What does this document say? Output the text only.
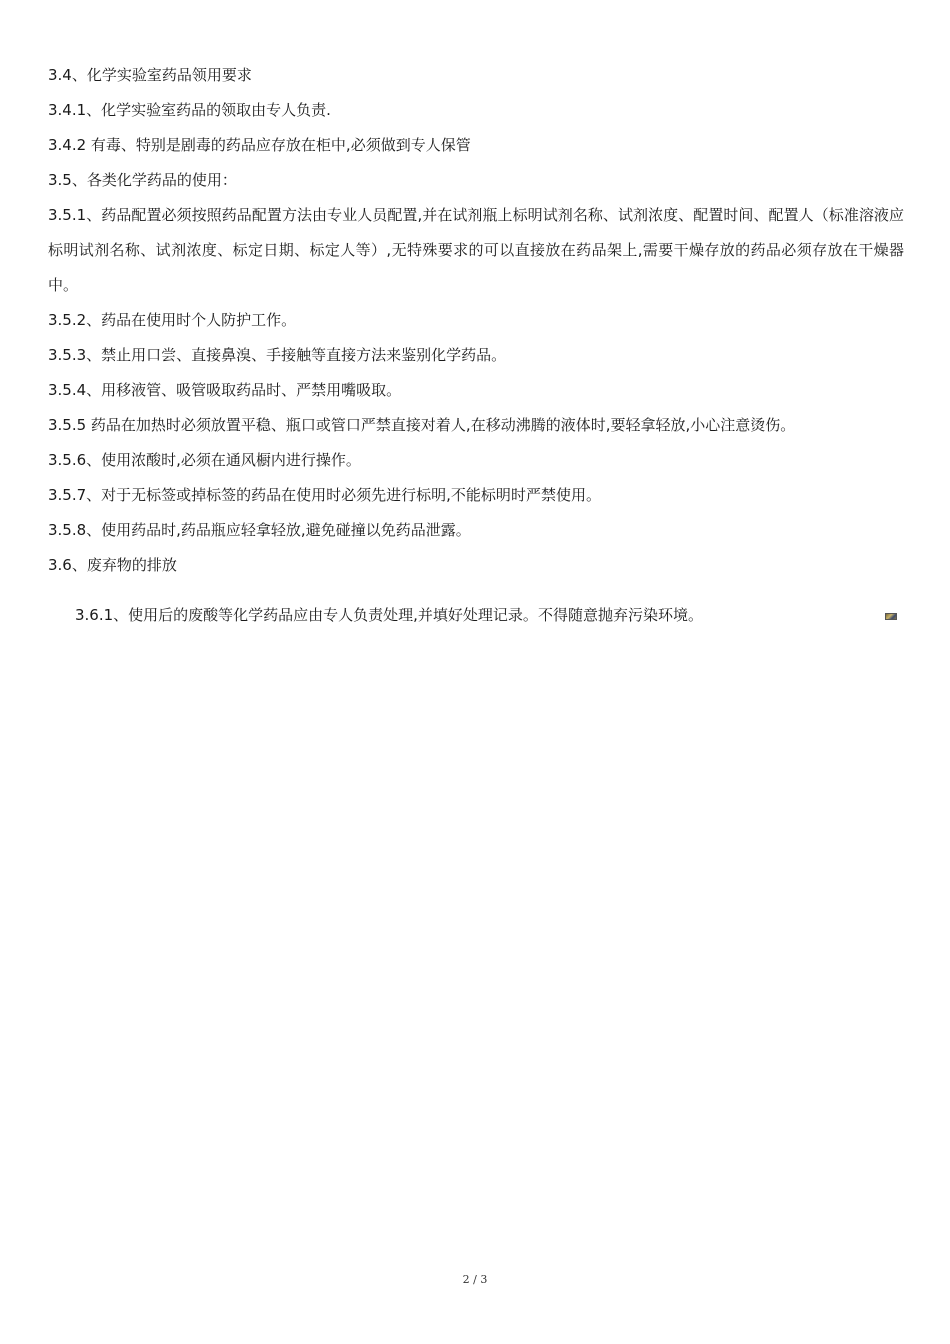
3.4、化学实验室药品领用要求
3.4.1、化学实验室药品的领取由专人负责.
3.4.2 有毒、特别是剧毒的药品应存放在柜中,必须做到专人保管
3.5、各类化学药品的使用：
3.5.1、药品配置必须按照药品配置方法由专业人员配置,并在试剂瓶上标明试剂名称、试剂浓度、配置时间、配置人（标准溶液应标明试剂名称、试剂浓度、标定日期、标定人等）,无特殊要求的可以直接放在药品架上,需要干燥存放的药品必须存放在干燥器中。
3.5.2、药品在使用时个人防护工作。
3.5.3、禁止用口尝、直接鼻溴、手接触等直接方法来鉴别化学药品。
3.5.4、用移液管、吸管吸取药品时、严禁用嘴吸取。
3.5.5 药品在加热时必须放置平稳、瓶口或管口严禁直接对着人,在移动沸腾的液体时,要轻拿轻放,小心注意烫伤。
3.5.6、使用浓酸时,必须在通风橱内进行操作。
3.5.7、对于无标签或掉标签的药品在使用时必须先进行标明,不能标明时严禁使用。
3.5.8、使用药品时,药品瓶应轻拿轻放,避免碰撞以免药品泄露。
3.6、废弃物的排放
3.6.1、使用后的废酸等化学药品应由专人负责处理,并填好处理记录。不得随意抛弃污染环境。
2 / 3
